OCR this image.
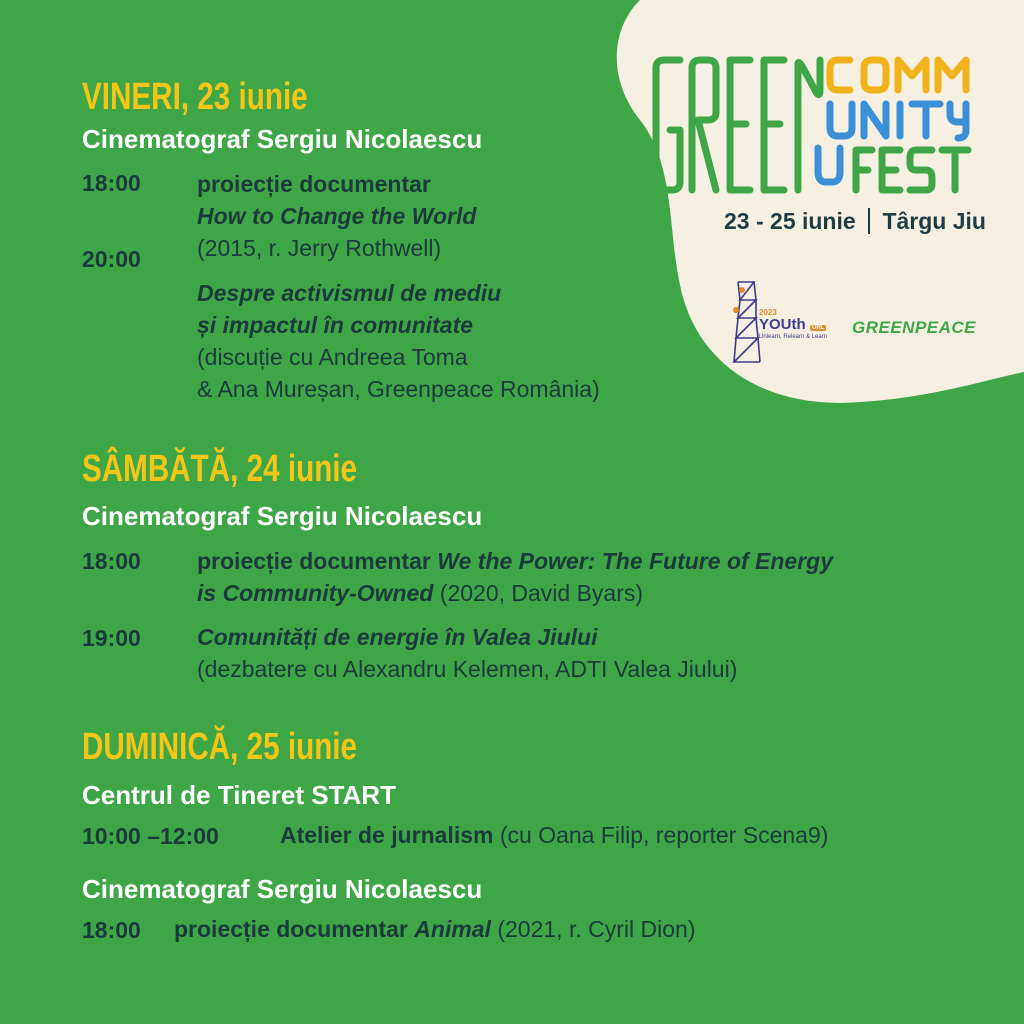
23 - 25 iunie Târgu Jiu
2023
YOUth URL
Unlearn, Relearn & Learn GREENPEACE
VINERI, 23 iunie
Cinematograf Sergiu Nicolaescu
18:00
20:00
proiecție documentar
How to Change the World
(2015, r. Jerry Rothwell)
Despre activismul de mediu
și impactul în comunitate
(discuție cu Andreea Toma
& Ana Mureșan, Greenpeace România)
SÂMBĂTĂ, 24 iunie
Cinematograf Sergiu Nicolaescu
18:00
19:00
proiecție documentar We the Power: The Future of Energy
is Community-Owned (2020, David Byars)
Comunități de energie în Valea Jiului
(dezbatere cu Alexandru Kelemen, ADTI Valea Jiului)
DUMINICĂ, 25 iunie
Centrul de Tineret START
10:00 –12:00	Atelier de jurnalism (cu Oana Filip, reporter Scena9)
Cinematograf Sergiu Nicolaescu
18:00 proiecție documentar Animal (2021, r. Cyril Dion)
